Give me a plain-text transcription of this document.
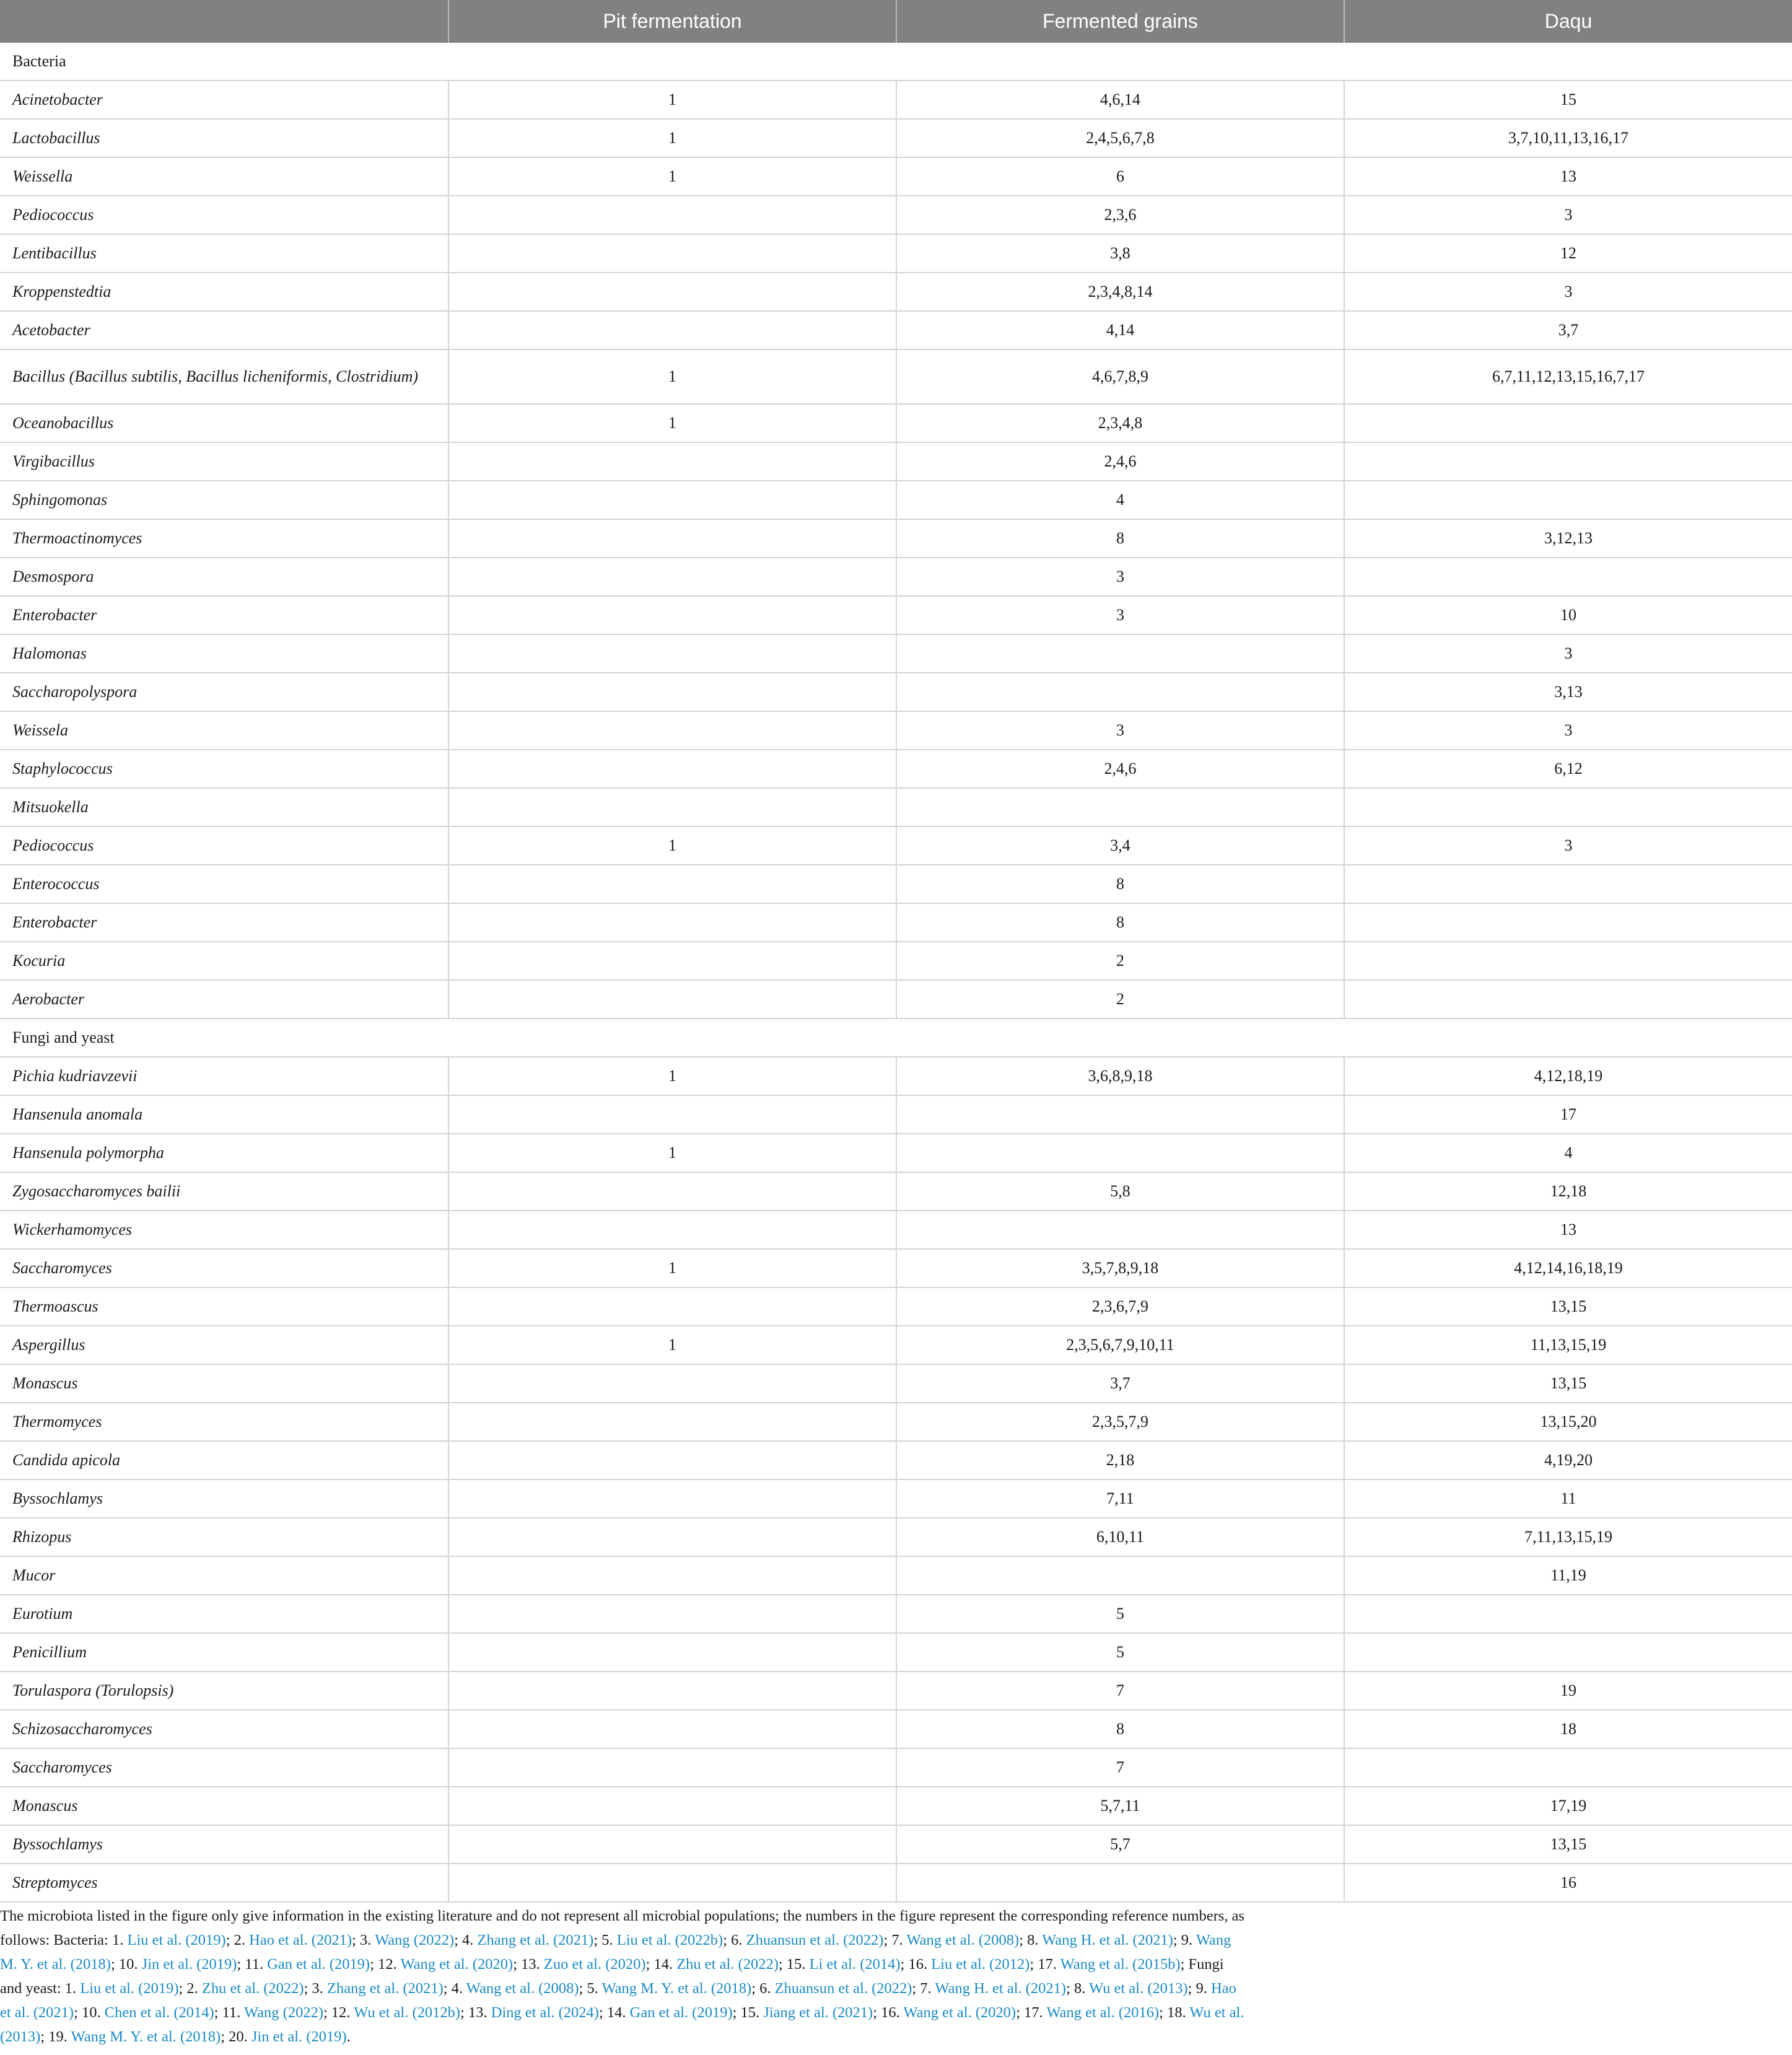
	Pit fermentation	Fermented grains	Daqu
Bacteria			
Acinetobacter	1	4,6,14	15
Lactobacillus	1	2,4,5,6,7,8	3,7,10,11,13,16,17
Weissella	1	6	13
Pediococcus		2,3,6	3
Lentibacillus		3,8	12
Kroppenstedtia		2,3,4,8,14	3
Acetobacter		4,14	3,7
Bacillus (Bacillus subtilis, Bacillus licheniformis, Clostridium)	1	4,6,7,8,9	6,7,11,12,13,15,16,7,17
Oceanobacillus	1	2,3,4,8	
Virgibacillus		2,4,6	
Sphingomonas		4	
Thermoactinomyces		8	3,12,13
Desmospora		3	
Enterobacter		3	10
Halomonas			3
Saccharopolyspora			3,13
Weissela		3	3
Staphylococcus		2,4,6	6,12
Mitsuokella			
Pediococcus	1	3,4	3
Enterococcus		8	
Enterobacter		8	
Kocuria		2	
Aerobacter		2	
Fungi and yeast			
Pichia kudriavzevii	1	3,6,8,9,18	4,12,18,19
Hansenula anomala			17
Hansenula polymorpha	1		4
Zygosaccharomyces bailii		5,8	12,18
Wickerhamomyces			13
Saccharomyces	1	3,5,7,8,9,18	4,12,14,16,18,19
Thermoascus		2,3,6,7,9	13,15
Aspergillus	1	2,3,5,6,7,9,10,11	11,13,15,19
Monascus		3,7	13,15
Thermomyces		2,3,5,7,9	13,15,20
Candida apicola		2,18	4,19,20
Byssochlamys		7,11	11
Rhizopus		6,10,11	7,11,13,15,19
Mucor			11,19
Eurotium		5	
Penicillium		5	
Torulaspora (Torulopsis)		7	19
Schizosaccharomyces		8	18
Saccharomyces		7	
Monascus		5,7,11	17,19
Byssochlamys		5,7	13,15
Streptomyces			16

The microbiota listed in the figure only give information in the existing literature and do not represent all microbial populations; the numbers in the figure represent the corresponding reference numbers, as follows: Bacteria: 1. Liu et al. (2019); 2. Hao et al. (2021); 3. Wang (2022); 4. Zhang et al. (2021); 5. Liu et al. (2022b); 6. Zhuansun et al. (2022); 7. Wang et al. (2008); 8. Wang H. et al. (2021); 9. Wang M. Y. et al. (2018); 10. Jin et al. (2019); 11. Gan et al. (2019); 12. Wang et al. (2020); 13. Zuo et al. (2020); 14. Zhu et al. (2022); 15. Li et al. (2014); 16. Liu et al. (2012); 17. Wang et al. (2015b); Fungi and yeast: 1. Liu et al. (2019); 2. Zhu et al. (2022); 3. Zhang et al. (2021); 4. Wang et al. (2008); 5. Wang M. Y. et al. (2018); 6. Zhuansun et al. (2022); 7. Wang H. et al. (2021); 8. Wu et al. (2013); 9. Hao et al. (2021); 10. Chen et al. (2014); 11. Wang (2022); 12. Wu et al. (2012b); 13. Ding et al. (2024); 14. Gan et al. (2019); 15. Jiang et al. (2021); 16. Wang et al. (2020); 17. Wang et al. (2016); 18. Wu et al. (2013); 19. Wang M. Y. et al. (2018); 20. Jin et al. (2019).
